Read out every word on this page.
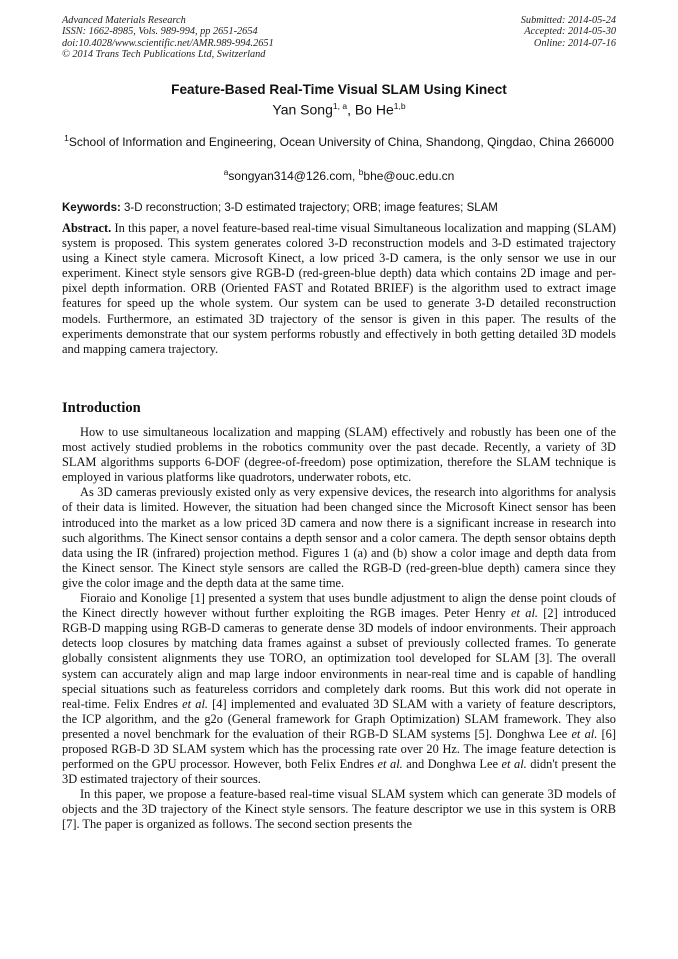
Advanced Materials Research
ISSN: 1662-8985, Vols. 989-994, pp 2651-2654
doi:10.4028/www.scientific.net/AMR.989-994.2651
© 2014 Trans Tech Publications Ltd, Switzerland
Submitted: 2014-05-24
Accepted: 2014-05-30
Online: 2014-07-16
Feature-Based Real-Time Visual SLAM Using Kinect
Yan Song$^{1, a}$, Bo He$^{1,b}$
$^1$School of Information and Engineering, Ocean University of China, Shandong, Qingdao, China 266000
$^a$songyan314@126.com, $^b$bhe@ouc.edu.cn
Keywords: 3-D reconstruction; 3-D estimated trajectory; ORB; image features; SLAM
Abstract. In this paper, a novel feature-based real-time visual Simultaneous localization and mapping (SLAM) system is proposed. This system generates colored 3-D reconstruction models and 3-D estimated trajectory using a Kinect style camera. Microsoft Kinect, a low priced 3-D camera, is the only sensor we use in our experiment. Kinect style sensors give RGB-D (red-green-blue depth) data which contains 2D image and per-pixel depth information. ORB (Oriented FAST and Rotated BRIEF) is the algorithm used to extract image features for speed up the whole system. Our system can be used to generate 3-D detailed reconstruction models. Furthermore, an estimated 3D trajectory of the sensor is given in this paper. The results of the experiments demonstrate that our system performs robustly and effectively in both getting detailed 3D models and mapping camera trajectory.
Introduction

How to use simultaneous localization and mapping (SLAM) effectively and robustly has been one of the most actively studied problems in the robotics community over the past decade. Recently, a variety of 3D SLAM algorithms supports 6-DOF (degree-of-freedom) pose optimization, therefore the SLAM technique is employed in various platforms like quadrotors, underwater robots, etc.

As 3D cameras previously existed only as very expensive devices, the research into algorithms for analysis of their data is limited. However, the situation had been changed since the Microsoft Kinect sensor has been introduced into the market as a low priced 3D camera and now there is a significant increase in research into such algorithms. The Kinect sensor contains a depth sensor and a color camera. The depth sensor obtains depth data using the IR (infrared) projection method. Figures 1 (a) and (b) show a color image and depth data from the Kinect sensor. The Kinect style sensors are called the RGB-D (red-green-blue depth) camera since they give the color image and the depth data at the same time.

Fioraio and Konolige [1] presented a system that uses bundle adjustment to align the dense point clouds of the Kinect directly however without further exploiting the RGB images. Peter Henry et al. [2] introduced RGB-D mapping using RGB-D cameras to generate dense 3D models of indoor environments. Their approach detects loop closures by matching data frames against a subset of previously collected frames. To generate globally consistent alignments they use TORO, an optimization tool developed for SLAM [3]. The overall system can accurately align and map large indoor environments in near-real time and is capable of handling special situations such as featureless corridors and completely dark rooms. But this work did not operate in real-time. Felix Endres et al. [4] implemented and evaluated 3D SLAM with a variety of feature descriptors, the ICP algorithm, and the g2o (General framework for Graph Optimization) SLAM framework. They also presented a novel benchmark for the evaluation of their RGB-D SLAM systems [5]. Donghwa Lee et al. [6] proposed RGB-D 3D SLAM system which has the processing rate over 20 Hz. The image feature detection is performed on the GPU processor. However, both Felix Endres et al. and Donghwa Lee et al. didn't present the 3D estimated trajectory of their sources.

In this paper, we propose a feature-based real-time visual SLAM system which can generate 3D models of objects and the 3D trajectory of the Kinect style sensors. The feature descriptor we use in this system is ORB [7]. The paper is organized as follows. The second section presents the
